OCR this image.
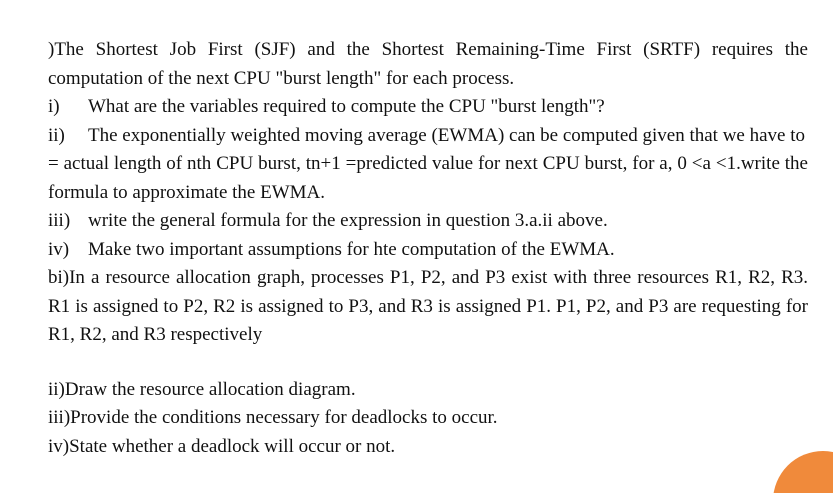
)The Shortest Job First (SJF) and the Shortest Remaining-Time First (SRTF) requires the computation of the next CPU "burst length" for each process.

i)	What are the variables required to compute the CPU "burst length"?
ii)	The exponentially weighted moving average (EWMA) can be computed given that we have to

= actual length of nth CPU burst, tn+1 =predicted value for next CPU burst, for a, 0 <a <1.write the formula to approximate the EWMA.

iii) write the general formula for the expression in question 3.a.ii above.
iv) Make two important assumptions for hte computation of the EWMA.

bi)In a resource allocation graph, processes P1, P2, and P3 exist with three resources R1, R2, R3. R1 is assigned to P2, R2 is assigned to P3, and R3 is assigned P1. P1, P2, and P3 are requesting for R1, R2, and R3 respectively

ii)Draw the resource allocation diagram.

iii)Provide the conditions necessary for deadlocks to occur.

iv)State whether a deadlock will occur or not.
